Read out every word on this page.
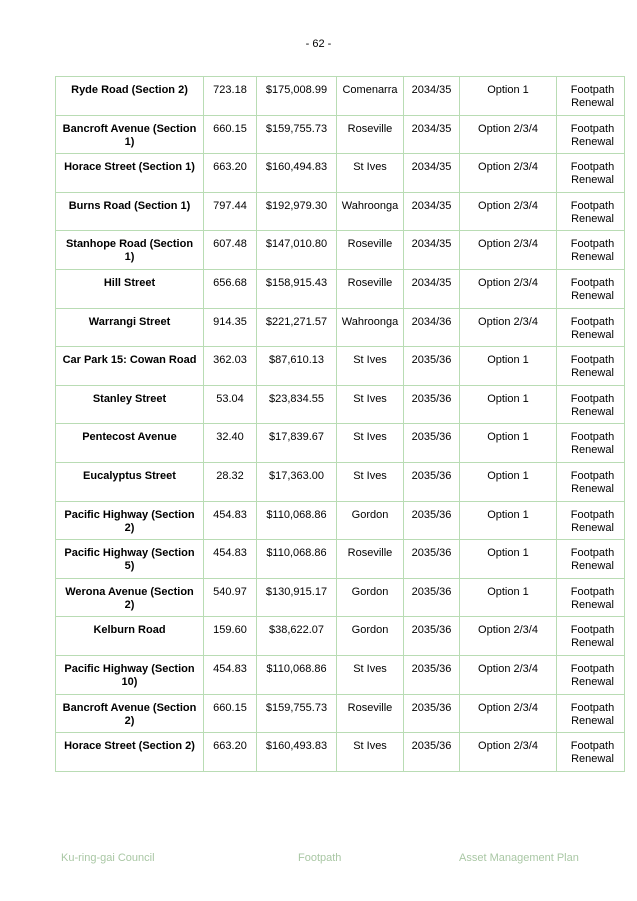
- 62 -
Ryde Road (Section 2)	723.18	$175,008.99	Comenarra	2034/35	Option 1	Footpath Renewal
Bancroft Avenue (Section 1)	660.15	$159,755.73	Roseville	2034/35	Option 2/3/4	Footpath Renewal
Horace Street (Section 1)	663.20	$160,494.83	St Ives	2034/35	Option 2/3/4	Footpath Renewal
Burns Road (Section 1)	797.44	$192,979.30	Wahroonga	2034/35	Option 2/3/4	Footpath Renewal
Stanhope Road (Section 1)	607.48	$147,010.80	Roseville	2034/35	Option 2/3/4	Footpath Renewal
Hill Street	656.68	$158,915.43	Roseville	2034/35	Option 2/3/4	Footpath Renewal
Warrangi Street	914.35	$221,271.57	Wahroonga	2034/36	Option 2/3/4	Footpath Renewal
Car Park 15: Cowan Road	362.03	$87,610.13	St Ives	2035/36	Option 1	Footpath Renewal
Stanley Street	53.04	$23,834.55	St Ives	2035/36	Option 1	Footpath Renewal
Pentecost Avenue	32.40	$17,839.67	St Ives	2035/36	Option 1	Footpath Renewal
Eucalyptus Street	28.32	$17,363.00	St Ives	2035/36	Option 1	Footpath Renewal
Pacific Highway (Section 2)	454.83	$110,068.86	Gordon	2035/36	Option 1	Footpath Renewal
Pacific Highway (Section 5)	454.83	$110,068.86	Roseville	2035/36	Option 1	Footpath Renewal
Werona Avenue (Section 2)	540.97	$130,915.17	Gordon	2035/36	Option 1	Footpath Renewal
Kelburn Road	159.60	$38,622.07	Gordon	2035/36	Option 2/3/4	Footpath Renewal
Pacific Highway (Section 10)	454.83	$110,068.86	St Ives	2035/36	Option 2/3/4	Footpath Renewal
Bancroft Avenue (Section 2)	660.15	$159,755.73	Roseville	2035/36	Option 2/3/4	Footpath Renewal
Horace Street (Section 2)	663.20	$160,493.83	St Ives	2035/36	Option 2/3/4	Footpath Renewal
Ku-ring-gai Council	Footpath	Asset Management Plan
